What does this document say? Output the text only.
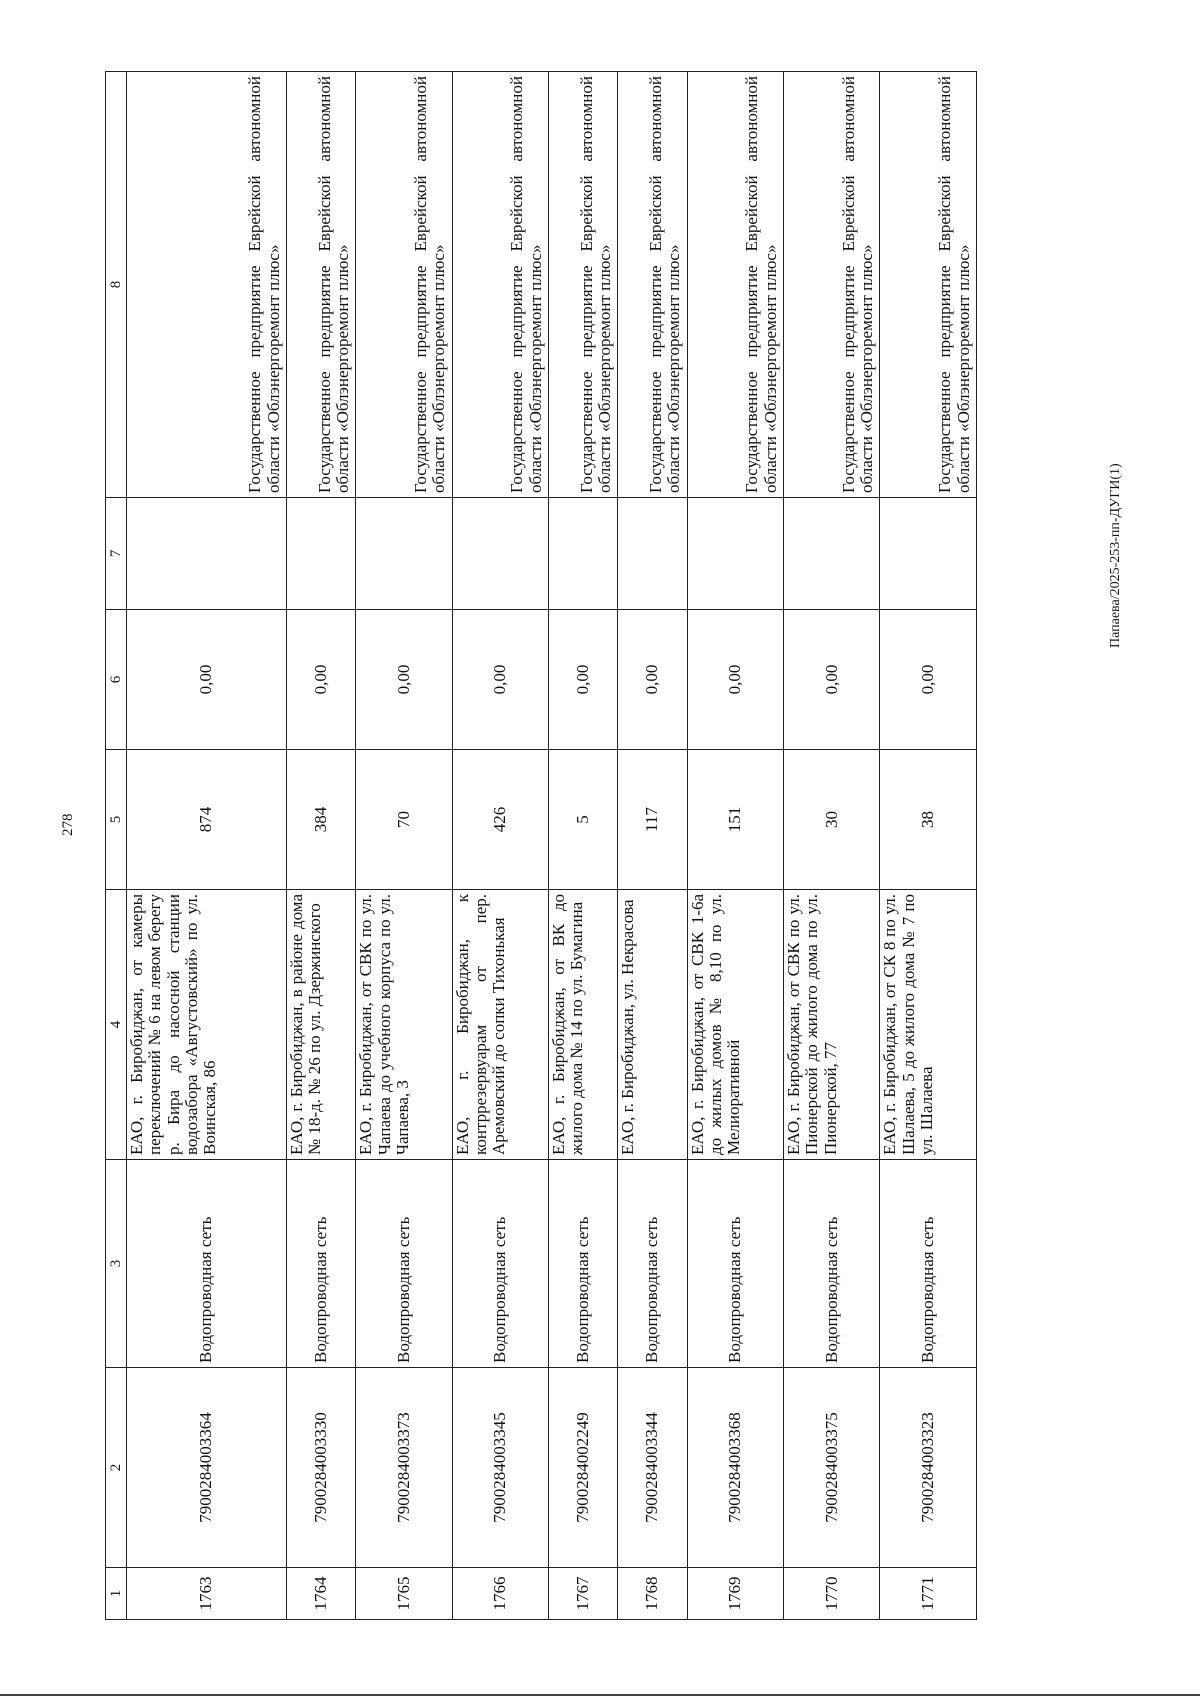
278
1	2	3	4	5	6	7	8
1763	790028400З364	Водопроводная сеть	ЕАО, г. Биробиджан, от камеры переключений № 6 на левом берегу р. Бира до насосной станции водозабора «Августовский» по ул. Воинская, 86	874	0,00		Государственное предприятие Еврейской автономной области «Облэнергоремонт плюс»
1764	7900284003330	Водопроводная сеть	ЕАО, г. Биробиджан, в районе дома № 18-д. № 26 по ул. Дзержинского	384	0,00		Государственное предприятие Еврейской автономной области «Облэнергоремонт плюс»
1765	7900284003373	Водопроводная сеть	ЕАО, г. Биробиджан, от СВК по ул. Чапаева до учебного корпуса по ул. Чапаева, 3	70	0,00		Государственное предприятие Еврейской автономной области «Облэнергоремонт плюс»
1766	7900284003345	Водопроводная сеть	ЕАО, г. Биробиджан, к контррезервуарам от пер. Аремовский до сопки Тихонькая	426	0,00		Государственное предприятие Еврейской автономной области «Облэнергоремонт плюс»
1767	7900284002249	Водопроводная сеть	ЕАО, г. Биробиджан, от ВК до жилого дома № 14 по ул. Бумагина	5	0,00		Государственное предприятие Еврейской автономной области «Облэнергоремонт плюс»
1768	7900284003344	Водопроводная сеть	ЕАО, г. Биробиджан, ул. Некрасова	117	0,00		Государственное предприятие Еврейской автономной области «Облэнергоремонт плюс»
1769	7900284003368	Водопроводная сеть	ЕАО, г. Биробиджан, от СВК 1-6а до жилых домов № 8,10 по ул. Мелиоративной	151	0,00		Государственное предприятие Еврейской автономной области «Облэнергоремонт плюс»
1770	7900284003375	Водопроводная сеть	ЕАО, г. Биробиджан, от СВК по ул. Пионерской до жилого дома по ул. Пионерской, 77	30	0,00		Государственное предприятие Еврейской автономной области «Облэнергоремонт плюс»
1771	7900284003323	Водопроводная сеть	ЕАО, г. Биробиджан, от СК 8 по ул. Шалаева, 5 до жилого дома № 7 по ул. Шалаева	38	0,00		Государственное предприятие Еврейской автономной области «Облэнергоремонт плюс»
Папаева/2025-253-пп-ДУГИ(1)
